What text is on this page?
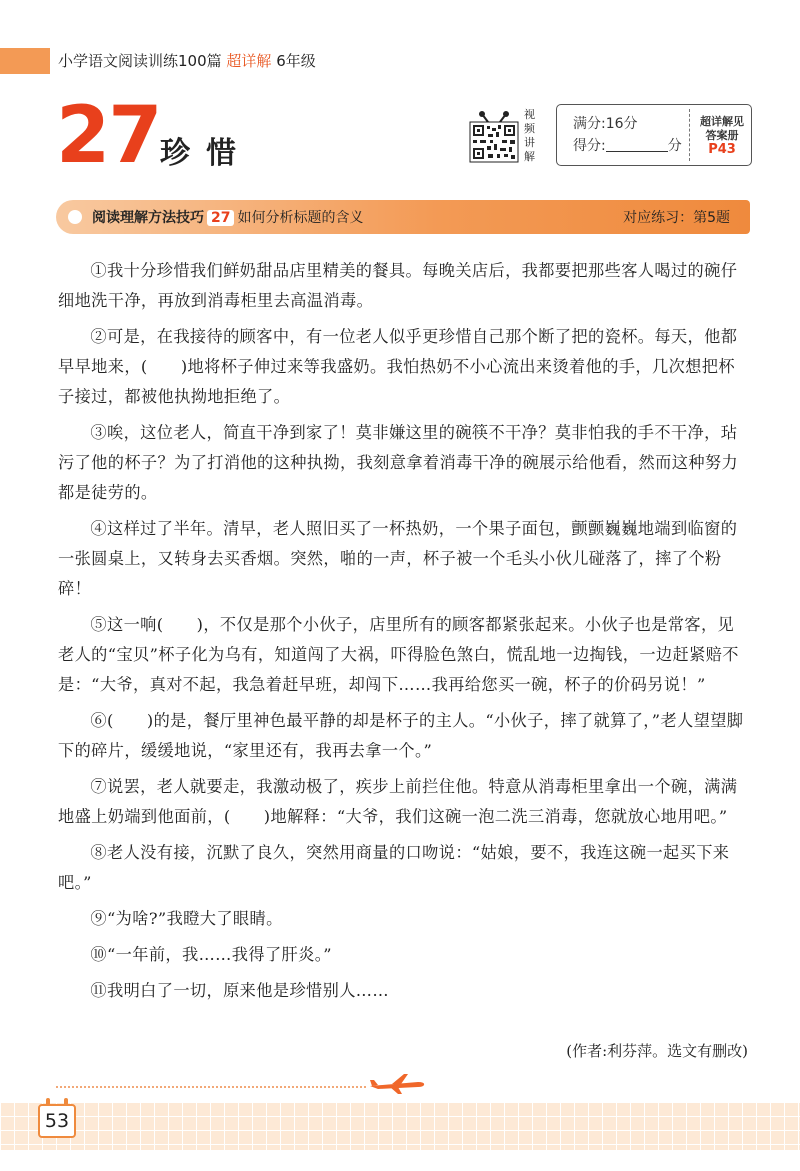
小学语文阅读训练100篇 超详解 6年级
27 珍惜
视频讲解
满分:16分
得分:	分
超详解见
答案册
P43
阅读理解方法技巧 27 如何分析标题的含义	对应练习：第5题

①我十分珍惜我们鲜奶甜品店里精美的餐具。每晚关店后，我都要把那些客人喝过的碗仔细地洗干净，再放到消毒柜里去高温消毒。

②可是，在我接待的顾客中，有一位老人似乎更珍惜自己那个断了把的瓷杯。每天，他都早早地来，(　　)地将杯子伸过来等我盛奶。我怕热奶不小心流出来烫着他的手，几次想把杯子接过，都被他执拗地拒绝了。

③唉，这位老人，简直干净到家了！莫非嫌这里的碗筷不干净？莫非怕我的手不干净，玷污了他的杯子？为了打消他的这种执拗，我刻意拿着消毒干净的碗展示给他看，然而这种努力都是徒劳的。

④这样过了半年。清早，老人照旧买了一杯热奶，一个果子面包，颤颤巍巍地端到临窗的一张圆桌上，又转身去买香烟。突然，啪的一声，杯子被一个毛头小伙儿碰落了，摔了个粉碎！

⑤这一响(　　)，不仅是那个小伙子，店里所有的顾客都紧张起来。小伙子也是常客，见老人的“宝贝”杯子化为乌有，知道闯了大祸，吓得脸色煞白，慌乱地一边掏钱，一边赶紧赔不是：“大爷，真对不起，我急着赶早班，却闯下……我再给您买一碗，杯子的价码另说！”

⑥(　　)的是，餐厅里神色最平静的却是杯子的主人。“小伙子，摔了就算了，”老人望望脚下的碎片，缓缓地说，“家里还有，我再去拿一个。”

⑦说罢，老人就要走，我激动极了，疾步上前拦住他。特意从消毒柜里拿出一个碗，满满地盛上奶端到他面前，(　　)地解释：“大爷，我们这碗一泡二洗三消毒，您就放心地用吧。”

⑧老人没有接，沉默了良久，突然用商量的口吻说：“姑娘，要不，我连这碗一起买下来吧。”

⑨“为啥?”我瞪大了眼睛。

⑩“一年前，我……我得了肝炎。”

⑪我明白了一切，原来他是珍惜别人……

(作者:利芬萍。选文有删改)
53
